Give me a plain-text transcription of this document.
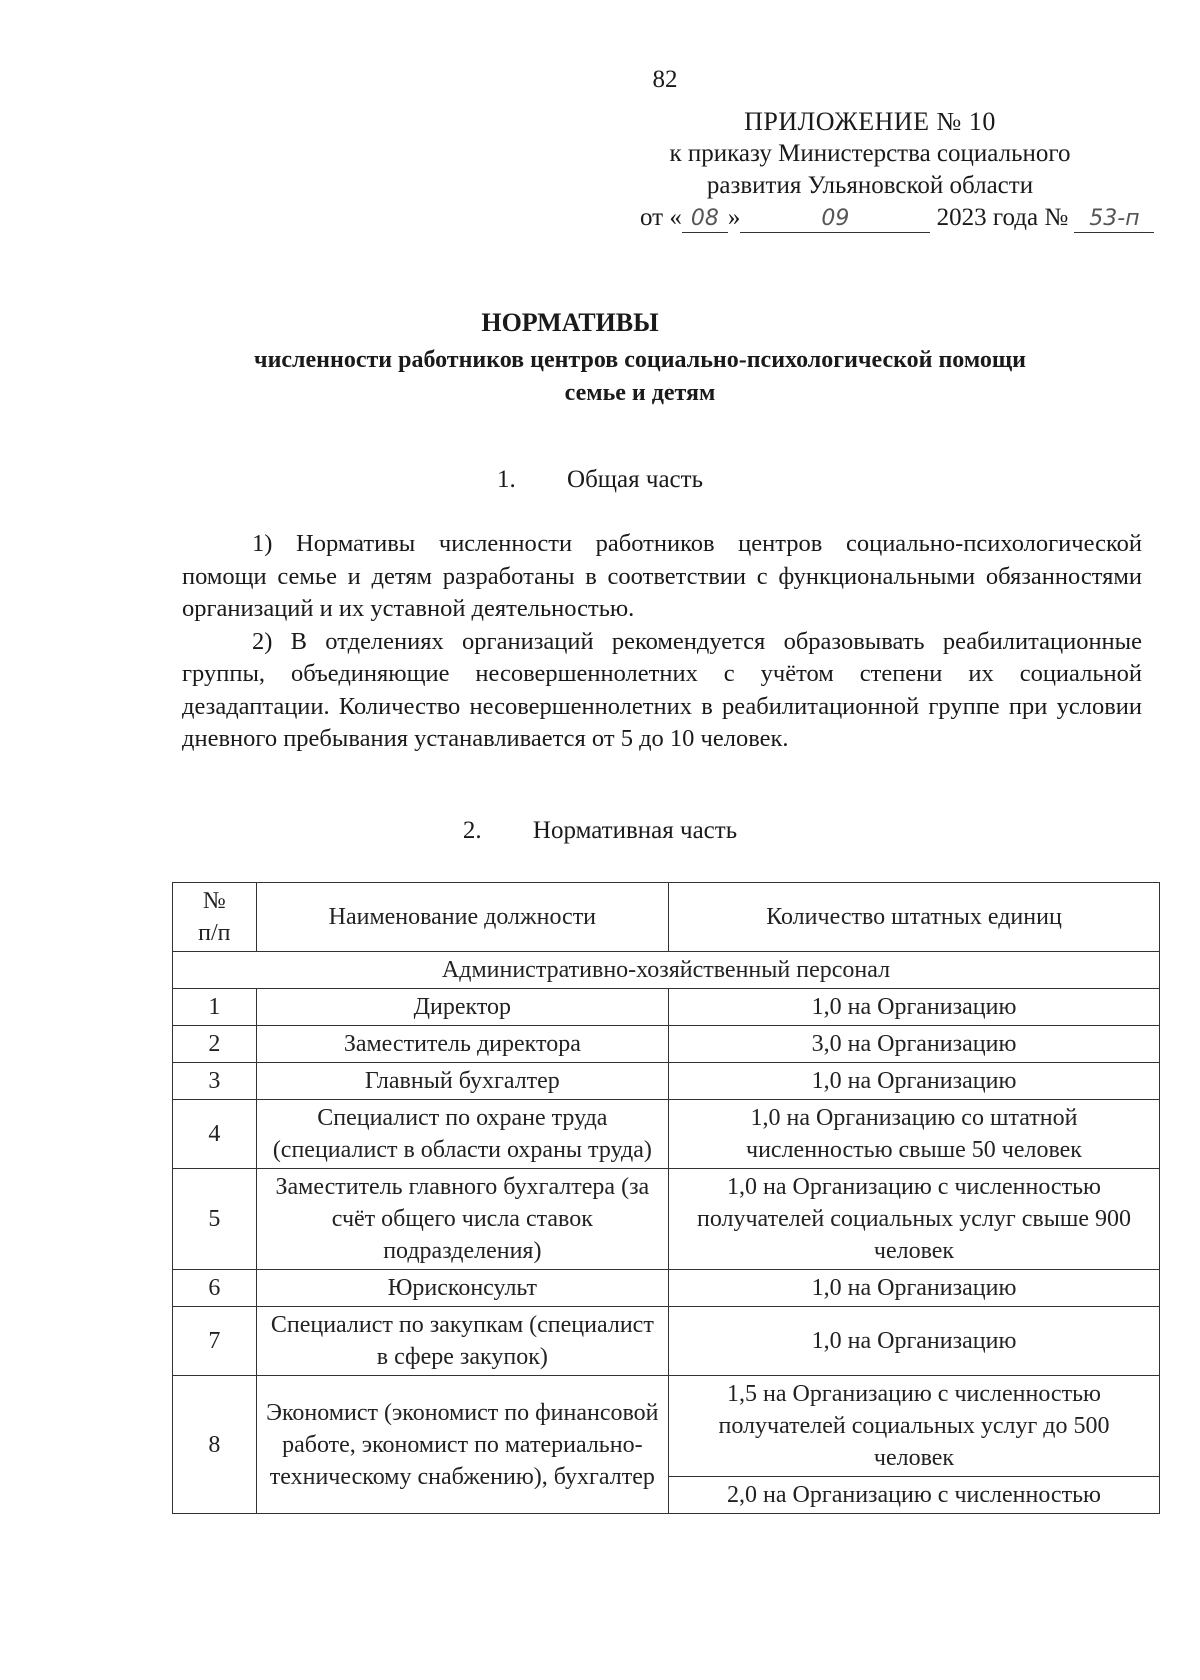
82
ПРИЛОЖЕНИЕ № 10
к приказу Министерства социального
развития Ульяновской области
от « 08 »	09	2023 года № 53-п
НОРМАТИВЫ
численности работников центров социально-психологической помощи
семье и детям
1. Общая часть

1) Нормативы численности работников центров социально-психологической помощи семье и детям разработаны в соответствии с функциональными обязанностями организаций и их уставной деятельностью.

2) В отделениях организаций рекомендуется образовывать реабилитационные группы, объединяющие несовершеннолетних с учётом степени их социальной дезадаптации. Количество несовершеннолетних в реабилитационной группе при условии дневного пребывания устанавливается от 5 до 10 человек.

2. Нормативная часть
№
п/п	Наименование должности	Количество штатных единиц
Административно-хозяйственный персонал		
1	Директор	1,0 на Организацию
2	Заместитель директора	3,0 на Организацию
3	Главный бухгалтер	1,0 на Организацию
4	Специалист по охране труда (специалист в области охраны труда)	1,0 на Организацию со штатной численностью свыше 50 человек
5	Заместитель главного бухгалтера (за счёт общего числа ставок подразделения)	1,0 на Организацию с численностью получателей социальных услуг свыше 900 человек
6	Юрисконсульт	1,0 на Организацию
7	Специалист по закупкам (специалист в сфере закупок)	1,0 на Организацию
8	Экономист (экономист по финансовой работе, экономист по материально-техническому снабжению), бухгалтер	1,5 на Организацию с численностью получателей социальных услуг до 500 человек
2,0 на Организацию с численностью
